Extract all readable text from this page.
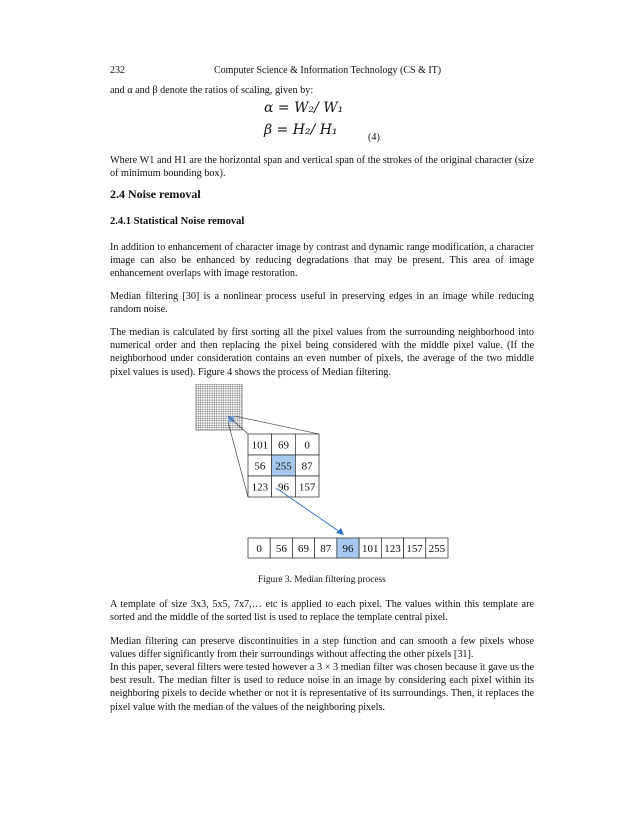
232	Computer Science & Information Technology (CS & IT)

and α and β denote the ratios of scaling, given by:

α = W₂/ W₁
β = H₂/ H₁	(4)

Where W1 and H1 are the horizontal span and vertical span of the strokes of the original character (size of minimum bounding box).

2.4 Noise removal
2.4.1 Statistical Noise removal

In addition to enhancement of character image by contrast and dynamic range modification, a character image can also be enhanced by reducing degradations that may be present. This area of image enhancement overlaps with image restoration.

Median filtering [30] is a nonlinear process useful in preserving edges in an image while reducing random noise.

The median is calculated by first sorting all the pixel values from the surrounding neighborhood into numerical order and then replacing the pixel being considered with the middle pixel value. (If the neighborhood under consideration contains an even number of pixels, the average of the two middle pixel values is used). Figure 4 shows the process of Median filtering.

101 69 0
56 255 87
123 96 157
0 56 69 87 96 101 123 157 255
Figure 3. Median filtering process

A template of size 3x3, 5x5, 7x7,… etc is applied to each pixel. The values within this template are sorted and the middle of the sorted list is used to replace the template central pixel.

Median filtering can preserve discontinuities in a step function and can smooth a few pixels whose values differ significantly from their surroundings without affecting the other pixels [31].

In this paper, several filters were tested however a 3 × 3 median filter was chosen because it gave us the best result. The median filter is used to reduce noise in an image by considering each pixel within its neighboring pixels to decide whether or not it is representative of its surroundings. Then, it replaces the pixel value with the median of the values of the neighboring pixels.
